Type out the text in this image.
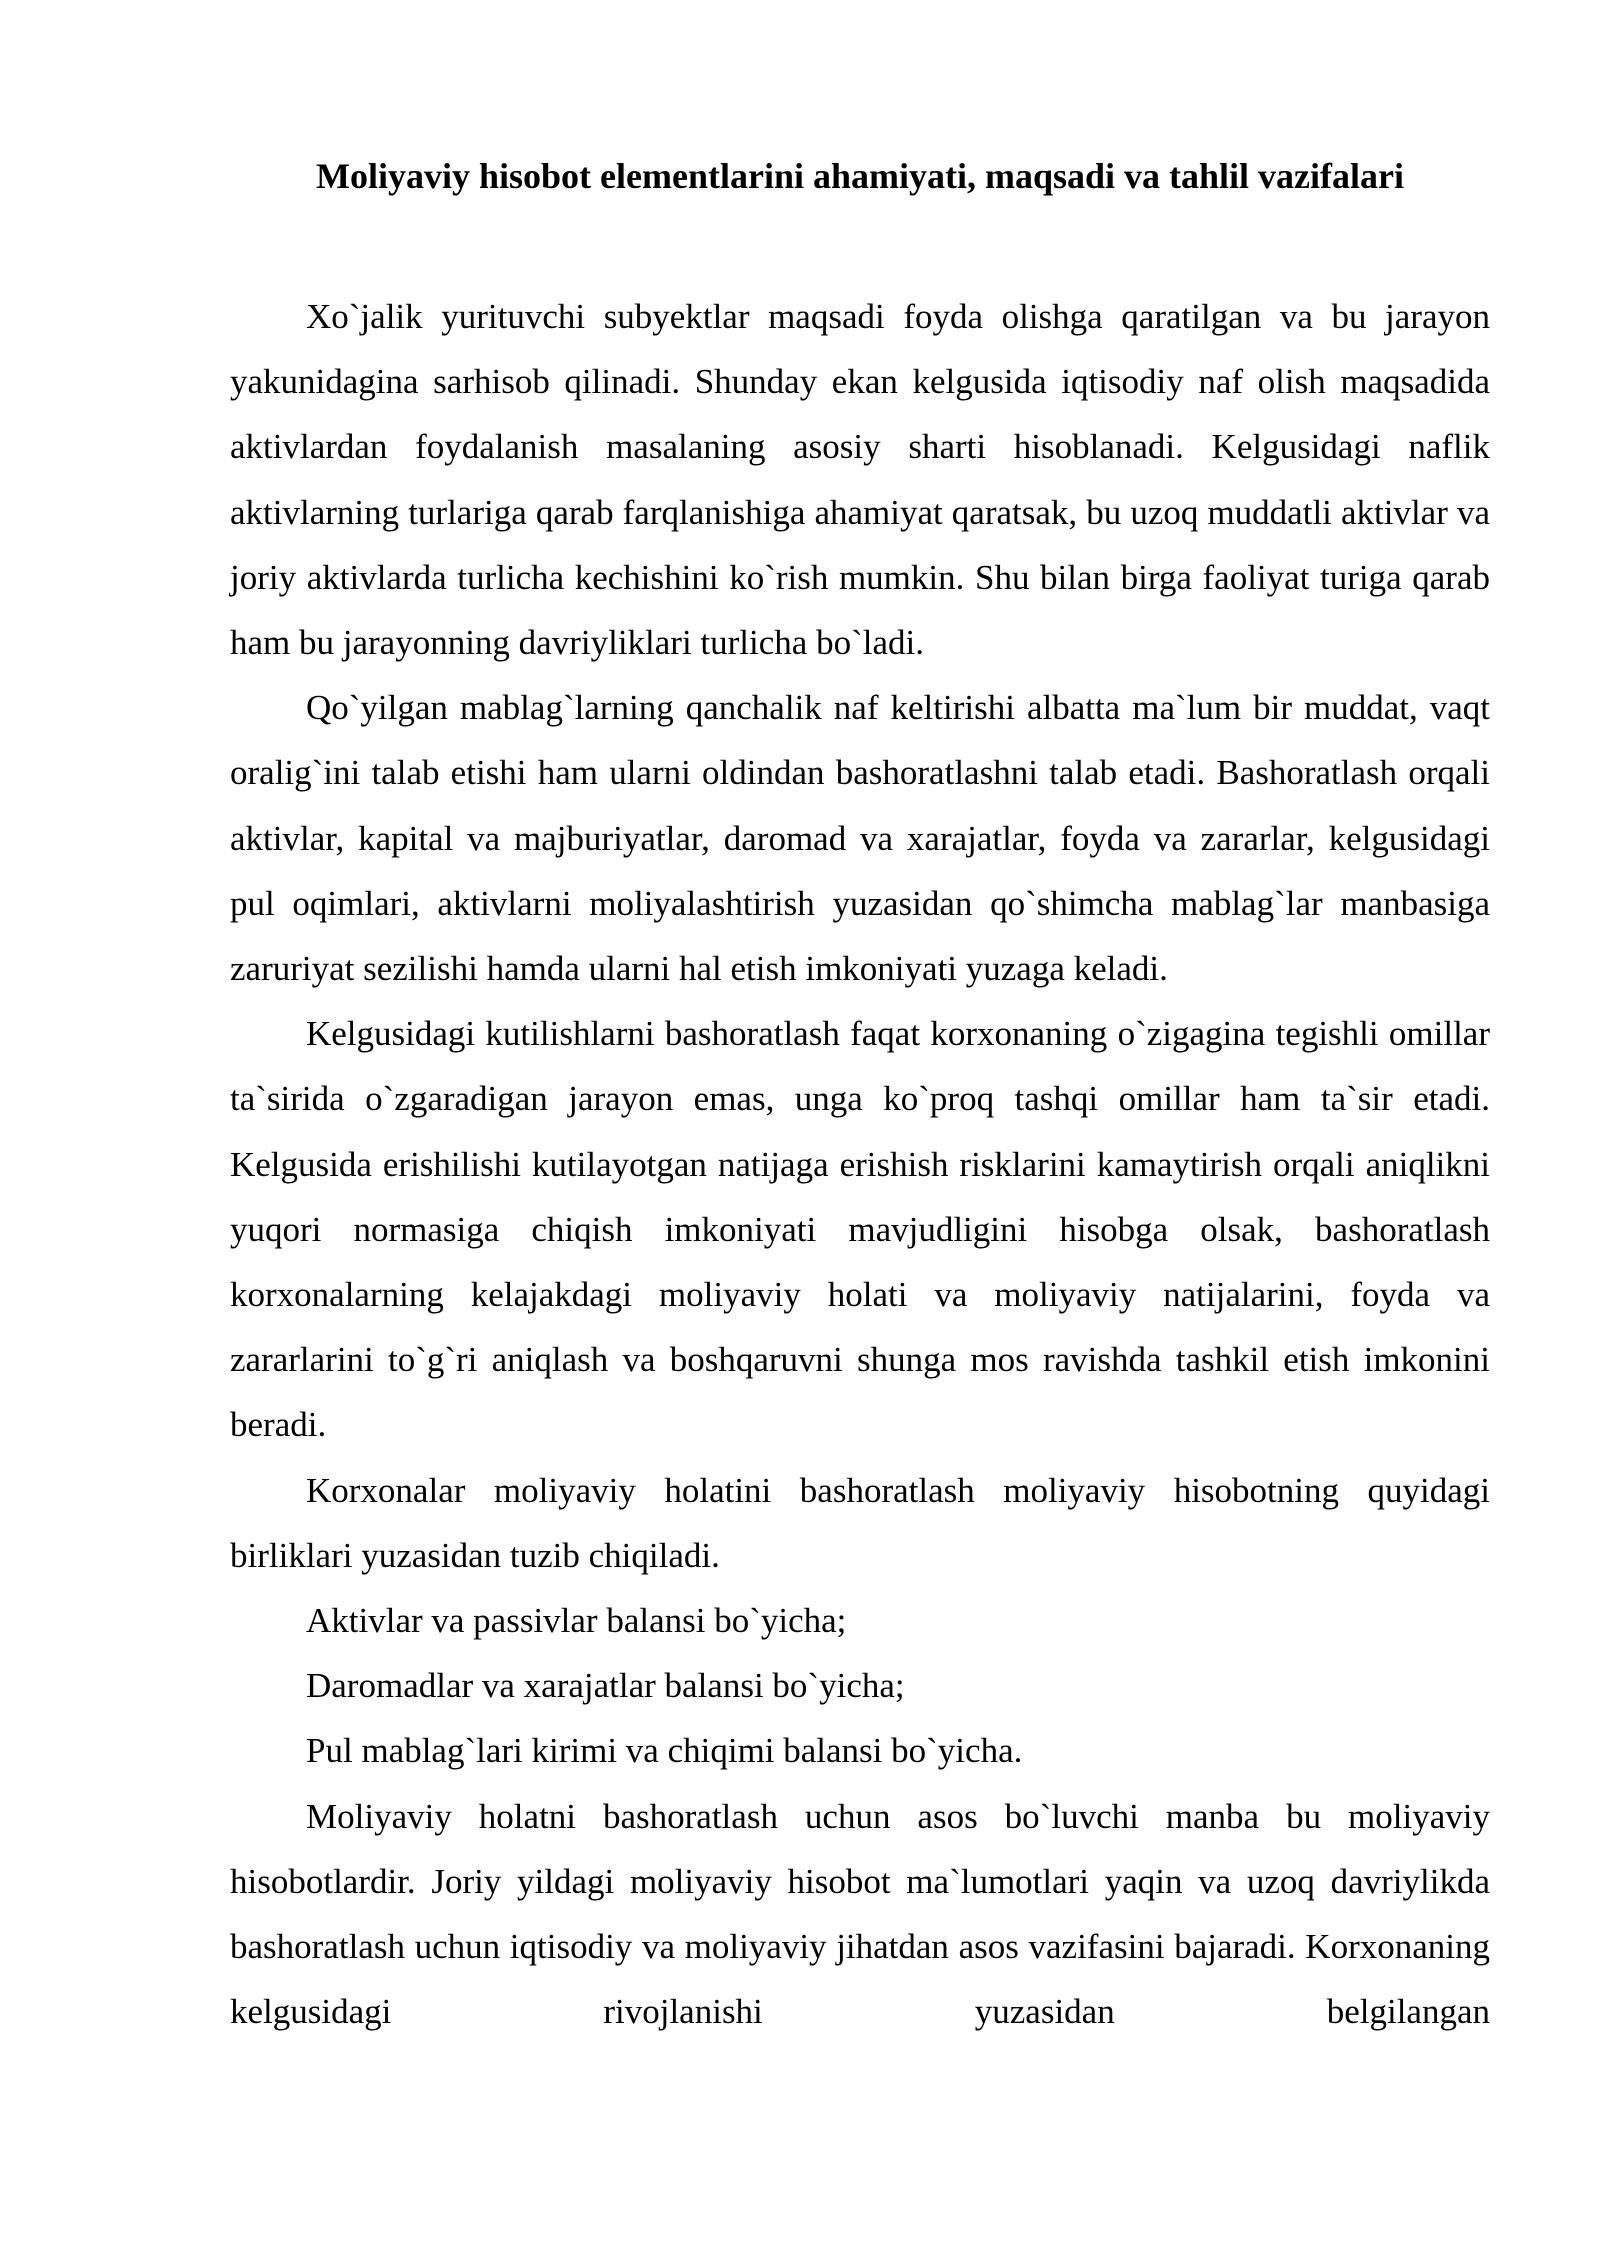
Moliyaviy hisobot elementlarini ahamiyati, maqsadi va tahlil vazifalari

Xo`jalik yurituvchi subyektlar maqsadi foyda olishga qaratilgan va bu jarayon yakunidagina sarhisob qilinadi. Shunday ekan kelgusida iqtisodiy naf olish maqsadida aktivlardan foydalanish masalaning asosiy sharti hisoblanadi. Kelgusidagi naflik aktivlarning turlariga qarab farqlanishiga ahamiyat qaratsak, bu uzoq muddatli aktivlar va joriy aktivlarda turlicha kechishini ko`rish mumkin. Shu bilan birga faoliyat turiga qarab ham bu jarayonning davriyliklari turlicha bo`ladi.

Qo`yilgan mablag`larning qanchalik naf keltirishi albatta ma`lum bir muddat, vaqt oralig`ini talab etishi ham ularni oldindan bashoratlashni talab etadi. Bashoratlash orqali aktivlar, kapital va majburiyatlar, daromad va xarajatlar, foyda va zararlar, kelgusidagi pul oqimlari, aktivlarni moliyalashtirish yuzasidan qo`shimcha mablag`lar manbasiga zaruriyat sezilishi hamda ularni hal etish imkoniyati yuzaga keladi.

Kelgusidagi kutilishlarni bashoratlash faqat korxonaning o`zigagina tegishli omillar ta`sirida o`zgaradigan jarayon emas, unga ko`proq tashqi omillar ham ta`sir etadi. Kelgusida erishilishi kutilayotgan natijaga erishish risklarini kamaytirish orqali aniqlikni yuqori normasiga chiqish imkoniyati mavjudligini hisobga olsak, bashoratlash korxonalarning kelajakdagi moliyaviy holati va moliyaviy natijalarini, foyda va zararlarini to`g`ri aniqlash va boshqaruvni shunga mos ravishda tashkil etish imkonini beradi.

Korxonalar moliyaviy holatini bashoratlash moliyaviy hisobotning quyidagi birliklari yuzasidan tuzib chiqiladi.

Aktivlar va passivlar balansi bo`yicha;

Daromadlar va xarajatlar balansi bo`yicha;

Pul mablag`lari kirimi va chiqimi balansi bo`yicha.

Moliyaviy holatni bashoratlash uchun asos bo`luvchi manba bu moliyaviy hisobotlardir. Joriy yildagi moliyaviy hisobot ma`lumotlari yaqin va uzoq davriylikda bashoratlash uchun iqtisodiy va moliyaviy jihatdan asos vazifasini bajaradi. Korxonaning kelgusidagi rivojlanishi yuzasidan belgilangan
